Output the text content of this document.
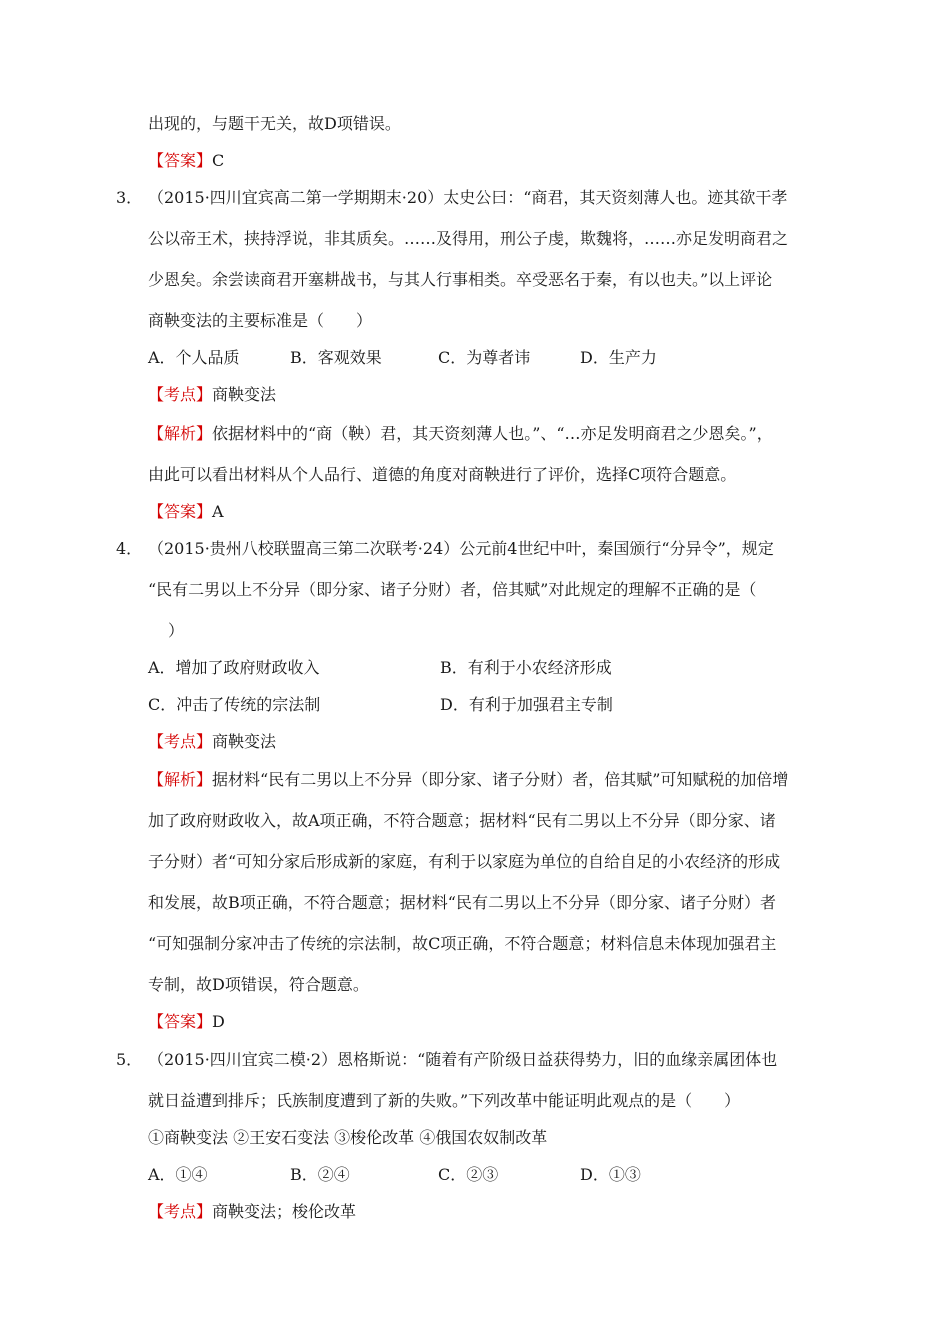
出现的，与题干无关，故D项错误。
【答案】C
3． （2015·四川宜宾高二第一学期期末·20）太史公曰：“商君，其天资刻薄人也。迹其欲干孝
公以帝王术，挟持浮说，非其质矣。……及得用，刑公子虔，欺魏将，……亦足发明商君之
少恩矣。余尝读商君开塞耕战书，与其人行事相类。卒受恶名于秦，有以也夫。”以上评论
商鞅变法的主要标准是（　　）
A．个人品质	B．客观效果	C．为尊者讳	D．生产力
【考点】商鞅变法
【解析】依据材料中的“商（鞅）君，其天资刻薄人也。”、“…亦足发明商君之少恩矣。”，
由此可以看出材料从个人品行、道德的角度对商鞅进行了评价，选择C项符合题意。
【答案】A
4． （2015·贵州八校联盟高三第二次联考·24）公元前4世纪中叶，秦国颁行“分异令”，规定
“民有二男以上不分异（即分家、诸子分财）者，倍其赋”对此规定的理解不正确的是（
）
A．增加了政府财政收入	B．有利于小农经济形成
C．冲击了传统的宗法制	D．有利于加强君主专制
【考点】商鞅变法
【解析】据材料“民有二男以上不分异（即分家、诸子分财）者，倍其赋”可知赋税的加倍增
加了政府财政收入，故A项正确，不符合题意；据材料“民有二男以上不分异（即分家、诸
子分财）者“可知分家后形成新的家庭，有利于以家庭为单位的自给自足的小农经济的形成
和发展，故B项正确，不符合题意；据材料“民有二男以上不分异（即分家、诸子分财）者
“可知强制分家冲击了传统的宗法制，故C项正确，不符合题意；材料信息未体现加强君主
专制，故D项错误，符合题意。
【答案】D
5． （2015·四川宜宾二模·2）恩格斯说：“随着有产阶级日益获得势力，旧的血缘亲属团体也
就日益遭到排斥；氏族制度遭到了新的失败。”下列改革中能证明此观点的是（　　）
①商鞅变法 ②王安石变法 ③梭伦改革 ④俄国农奴制改革
A．①④	B．②④	C．②③	D．①③
【考点】商鞅变法；梭伦改革
